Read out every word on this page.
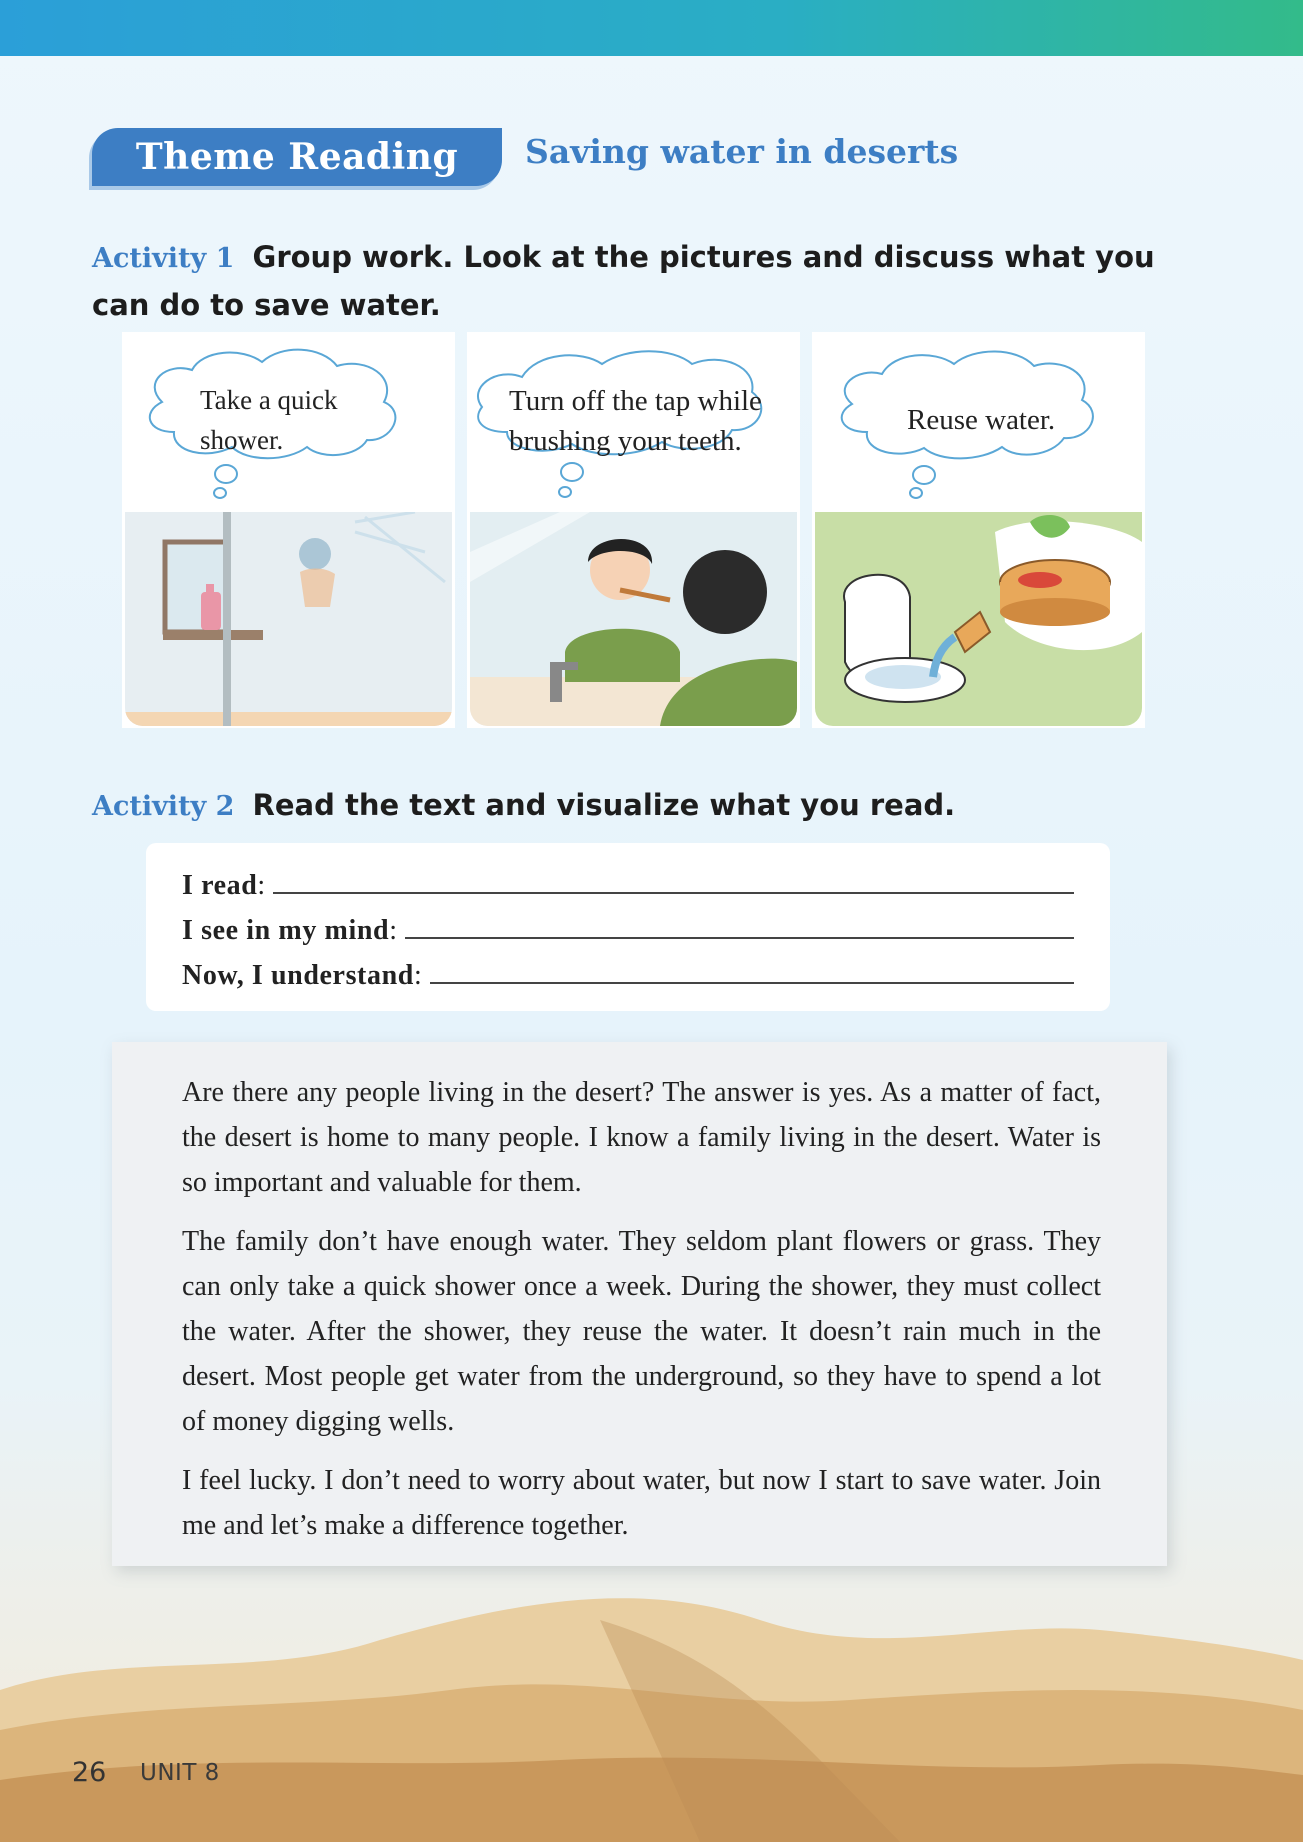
Theme Reading	Saving water in deserts
Activity 1 Group work. Look at the pictures and discuss what you can do to save water.
Take a quick
shower.
Turn off the tap while
brushing your teeth.
Reuse water.
Activity 2 Read the text and visualize what you read.
I read :
I see in my mind :
Now, I understand :

Are there any people living in the desert? The answer is yes. As a matter of fact, the desert is home to many people. I know a family living in the desert. Water is so important and valuable for them.

The family don’t have enough water. They seldom plant flowers or grass. They can only take a quick shower once a week. During the shower, they must collect the water. After the shower, they reuse the water. It doesn’t rain much in the desert. Most people get water from the underground, so they have to spend a lot of money digging wells.

I feel lucky. I don’t need to worry about water, but now I start to save water. Join me and let’s make a difference together.

26 UNIT 8
